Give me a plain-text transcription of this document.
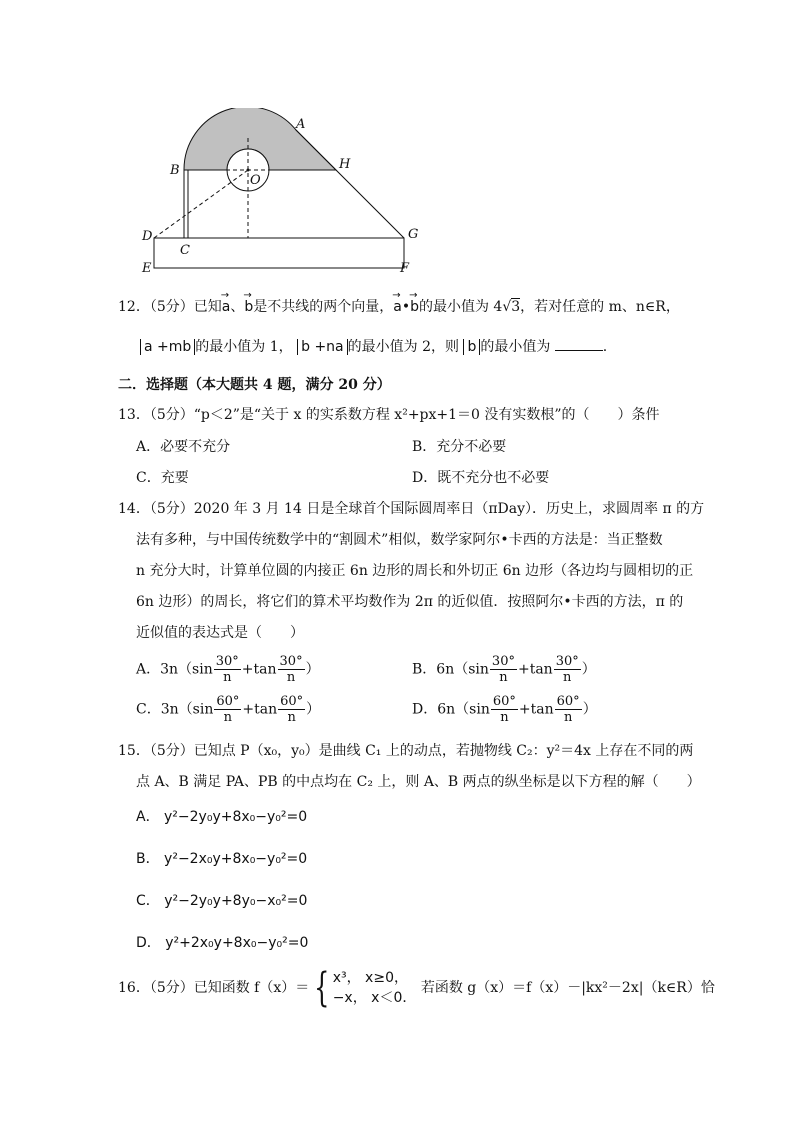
A
B	H
O
C
D
E	F
G
12．（5分）已知→ a、→ b是不共线的两个向量，→ a•→ b的最小值为 4√3，若对任意的 m、n∈R，
a +mb 的最小值为 1， b +na 的最小值为 2，则 b 的最小值为	.
二．选择题（本大题共 4 题，满分 20 分）
13．（5分）“p＜2”是“关于 x 的实系数方程 x²+px+1＝0 没有实数根”的（　　）条件
A．必要不充分	B．充分不必要
C．充要	D．既不充分也不必要
14．（5分）2020 年 3 月 14 日是全球首个国际圆周率日（πDay）．历史上，求圆周率 π 的方
法有多种，与中国传统数学中的“割圆术”相似，数学家阿尔•卡西的方法是：当正整数
n 充分大时，计算单位圆的内接正 6n 边形的周长和外切正 6n 边形（各边均与圆相切的正
6n 边形）的周长，将它们的算术平均数作为 2π 的近似值．按照阿尔•卡西的方法，π 的
近似值的表达式是（　　）
A．$3n(\sin \frac{30^\circ}{n} +\tan \frac{30^\circ}{n}$ ）	B．$6n(\sin \frac{30^\circ}{n} +\tan \frac{30^\circ}{n}$ ）
C．$3n(\sin \frac{60^\circ}{n} +\tan \frac{60^\circ}{n}$ ）	D．$6n(\sin \frac{60^\circ}{n} +\tan \frac{60^\circ}{n}$ ）
15．（5分）已知点 P（x₀，y₀）是曲线 C₁ 上的动点，若抛物线 C₂：y²＝4x 上存在不同的两
点 A、B 满足 PA、PB 的中点均在 C₂ 上，则 A、B 两点的纵坐标是以下方程的解（　　）
A． y²−2y₀y+8x₀−y₀²=0
B． y²−2x₀y+8x₀−y₀²=0
C． y²−2y₀y+8y₀−x₀²=0
D． y²+2x₀y+8x₀−y₀²=0
16．（5分）已知函数 f（x）＝ { x³， x≥0，
−x， x＜0．
若函数 g（x）＝f（x）－|kx²－2x|（k∈R）恰
